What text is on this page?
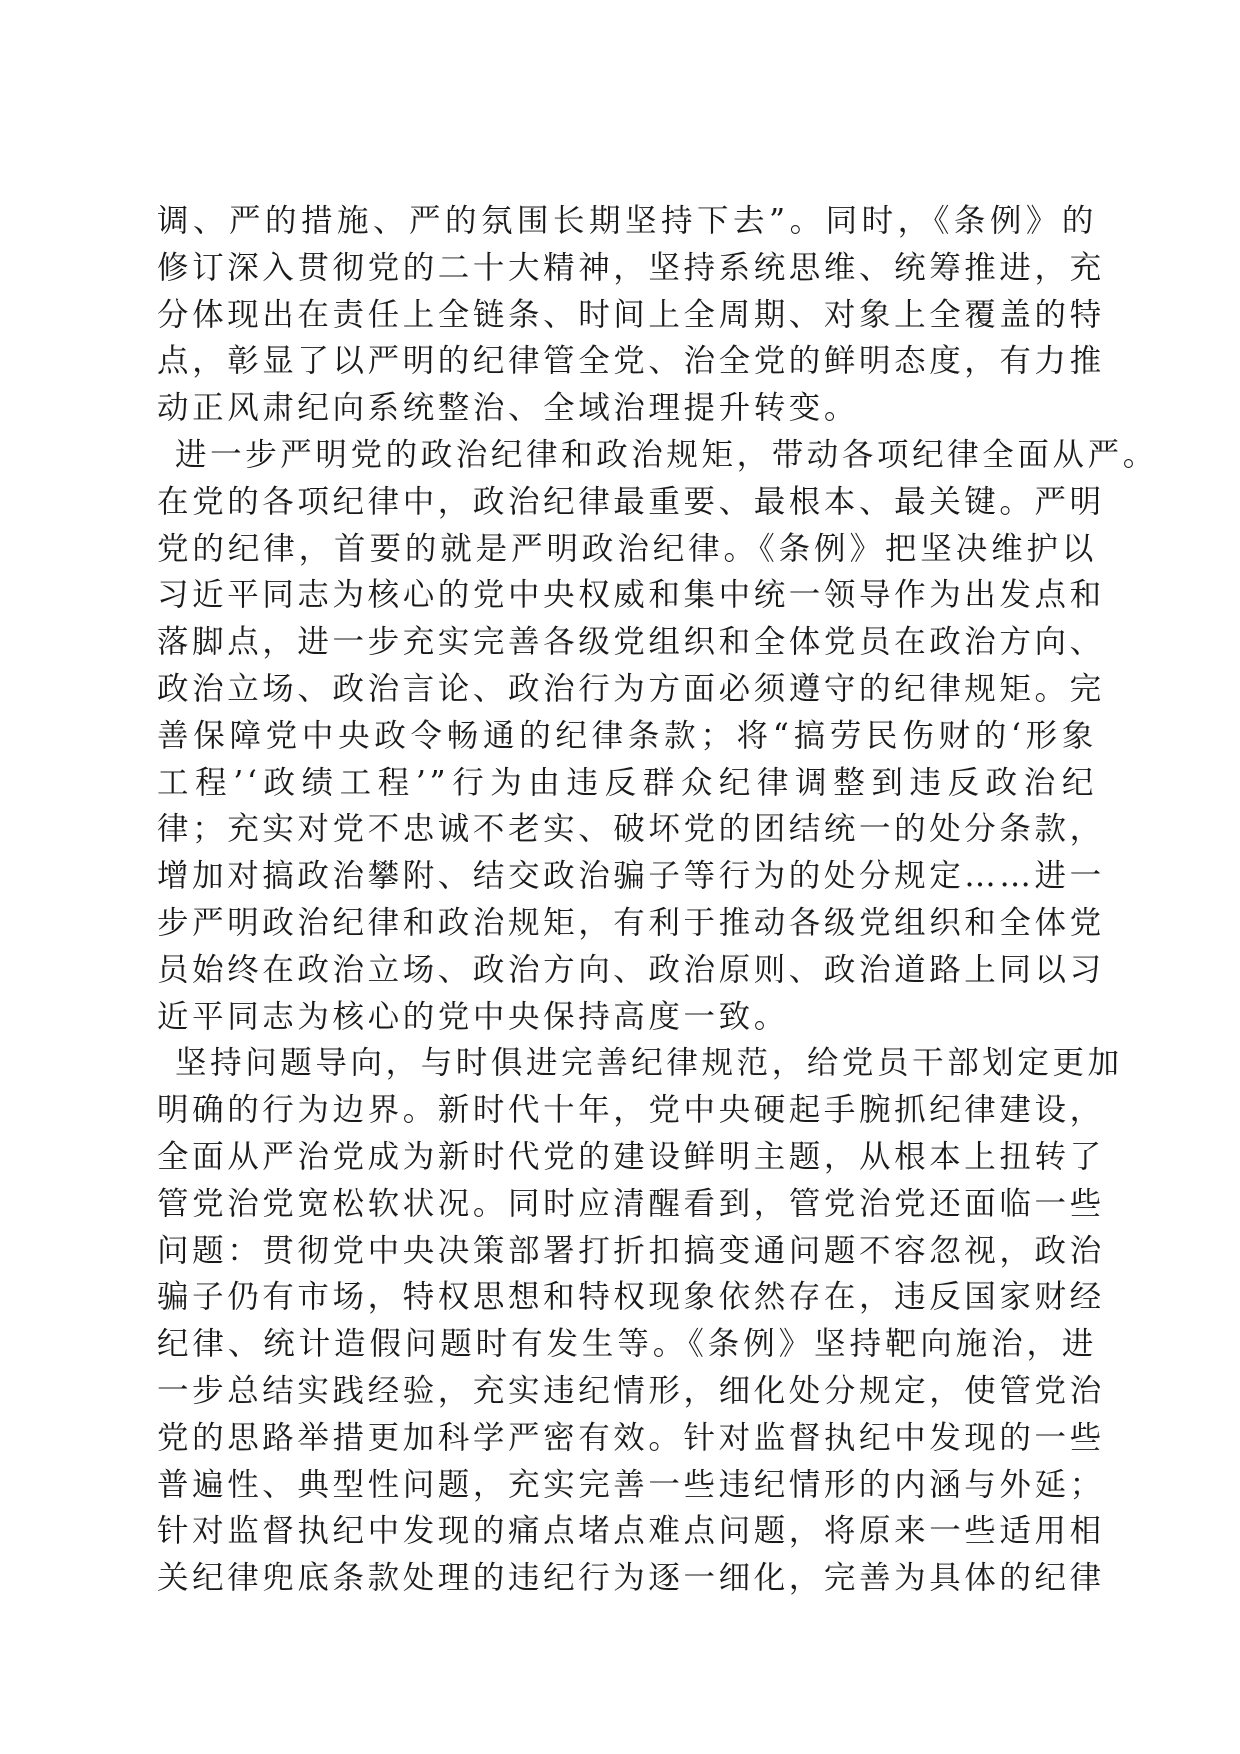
调、严的措施、严的氛围长期坚持下去”。同时，《条例》的
修订深入贯彻党的二十大精神，坚持系统思维、统筹推进，充
分体现出在责任上全链条、时间上全周期、对象上全覆盖的特
点，彰显了以严明的纪律管全党、治全党的鲜明态度，有力推
动正风肃纪向系统整治、全域治理提升转变。
进一步严明党的政治纪律和政治规矩，带动各项纪律全面从严。
在党的各项纪律中，政治纪律最重要、最根本、最关键。严明
党的纪律，首要的就是严明政治纪律。《条例》把坚决维护以
习近平同志为核心的党中央权威和集中统一领导作为出发点和
落脚点，进一步充实完善各级党组织和全体党员在政治方向、
政治立场、政治言论、政治行为方面必须遵守的纪律规矩。完
善保障党中央政令畅通的纪律条款；将“搞劳民伤财的‘形象
工程’‘政绩工程’”行为由违反群众纪律调整到违反政治纪
律；充实对党不忠诚不老实、破坏党的团结统一的处分条款，
增加对搞政治攀附、结交政治骗子等行为的处分规定……进一
步严明政治纪律和政治规矩，有利于推动各级党组织和全体党
员始终在政治立场、政治方向、政治原则、政治道路上同以习
近平同志为核心的党中央保持高度一致。
坚持问题导向，与时俱进完善纪律规范，给党员干部划定更加
明确的行为边界。新时代十年，党中央硬起手腕抓纪律建设，
全面从严治党成为新时代党的建设鲜明主题，从根本上扭转了
管党治党宽松软状况。同时应清醒看到，管党治党还面临一些
问题：贯彻党中央决策部署打折扣搞变通问题不容忽视，政治
骗子仍有市场，特权思想和特权现象依然存在，违反国家财经
纪律、统计造假问题时有发生等。《条例》坚持靶向施治，进
一步总结实践经验，充实违纪情形，细化处分规定，使管党治
党的思路举措更加科学严密有效。针对监督执纪中发现的一些
普遍性、典型性问题，充实完善一些违纪情形的内涵与外延；
针对监督执纪中发现的痛点堵点难点问题，将原来一些适用相
关纪律兜底条款处理的违纪行为逐一细化，完善为具体的纪律
